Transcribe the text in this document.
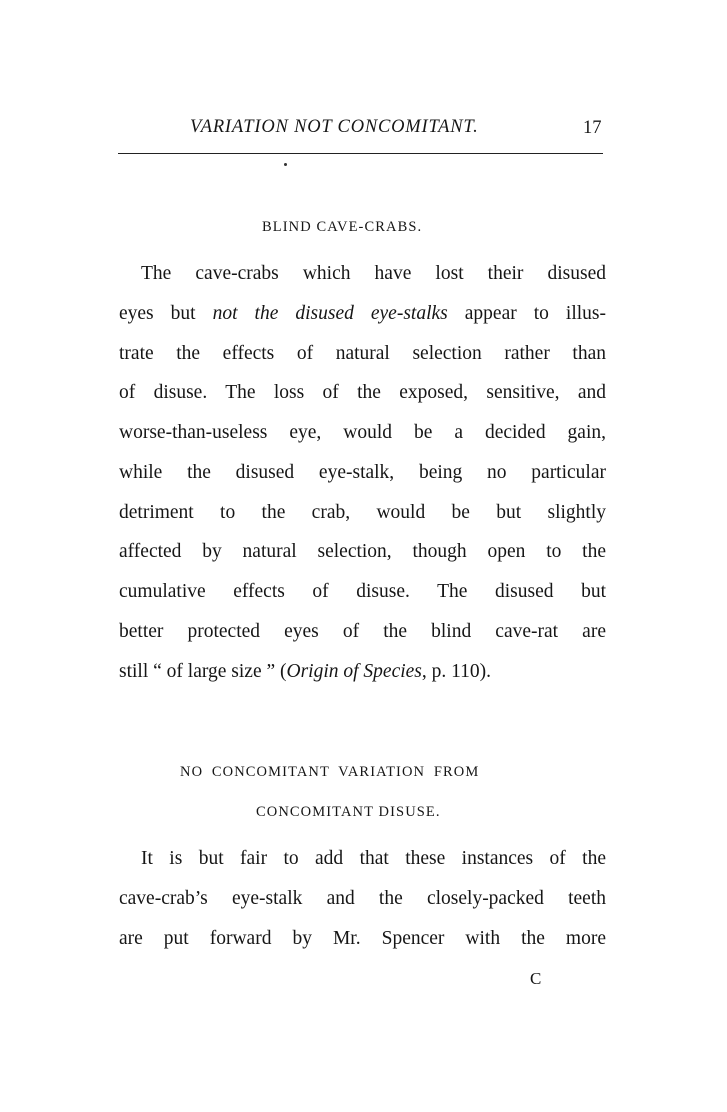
VARIATION NOT CONCOMITANT.	17
BLIND CAVE-CRABS.
The cave-crabs which have lost their disused
eyes but not the disused eye-stalks appear to illus-
trate the effects of natural selection rather than
of disuse. The loss of the exposed, sensitive, and
worse-than-useless eye, would be a decided gain,
while the disused eye-stalk, being no particular
detriment to the crab, would be but slightly
affected by natural selection, though open to the
cumulative effects of disuse. The disused but
better protected eyes of the blind cave-rat are
still “ of large size ” (Origin of Species, p. 110).
NO CONCOMITANT VARIATION FROM
CONCOMITANT DISUSE.
It is but fair to add that these instances of the
cave-crab’s eye-stalk and the closely-packed teeth
are put forward by Mr. Spencer with the more
C
